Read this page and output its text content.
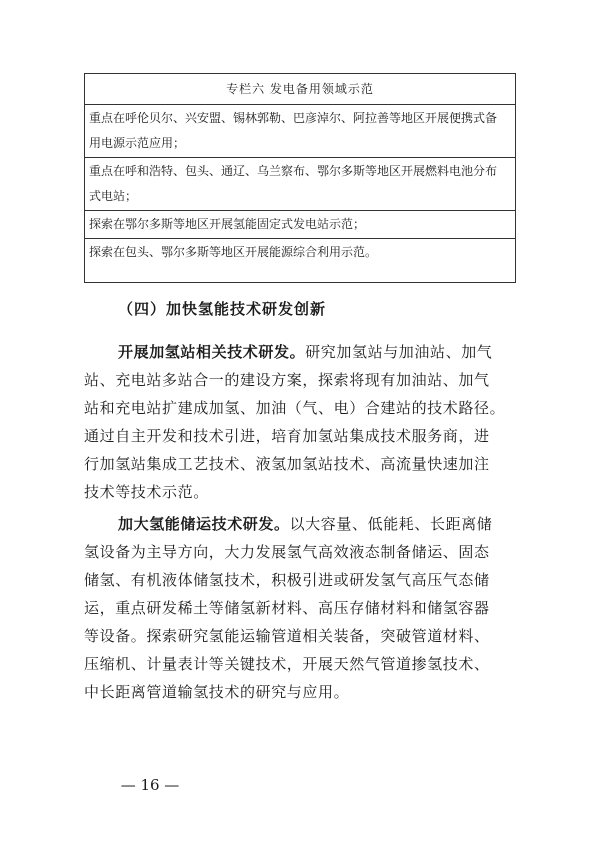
专栏六 发电备用领域示范
重点在呼伦贝尔、兴安盟、锡林郭勒、巴彦淖尔、阿拉善等地区开展便携式备
用电源示范应用；
重点在呼和浩特、包头、通辽、乌兰察布、鄂尔多斯等地区开展燃料电池分布
式电站；
探索在鄂尔多斯等地区开展氢能固定式发电站示范；
探索在包头、鄂尔多斯等地区开展能源综合利用示范。
（四）加快氢能技术研发创新
开展加氢站相关技术研发。研究加氢站与加油站、加气
站、充电站多站合一的建设方案，探索将现有加油站、加气
站和充电站扩建成加氢、加油（气、电）合建站的技术路径。
通过自主开发和技术引进，培育加氢站集成技术服务商，进
行加氢站集成工艺技术、液氢加氢站技术、高流量快速加注
技术等技术示范。
加大氢能储运技术研发。以大容量、低能耗、长距离储
氢设备为主导方向，大力发展氢气高效液态制备储运、固态
储氢、有机液体储氢技术，积极引进或研发氢气高压气态储
运，重点研发稀土等储氢新材料、高压存储材料和储氢容器
等设备。探索研究氢能运输管道相关装备，突破管道材料、
压缩机、计量表计等关键技术，开展天然气管道掺氢技术、
中长距离管道输氢技术的研究与应用。
— 16 —
